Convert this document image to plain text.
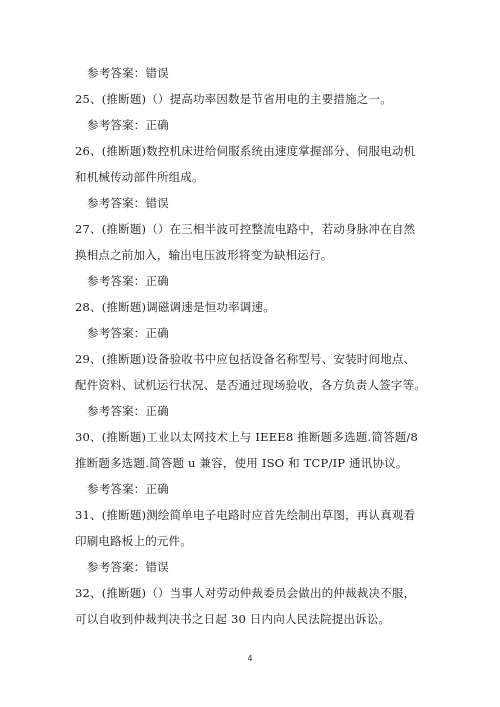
参考答案：错误
25、(推断题)（）提高功率因数是节省用电的主要措施之一。
参考答案：正确
26、(推断题)数控机床进给伺服系统由速度掌握部分、伺服电动机
和机械传动部件所组成。
参考答案：错误
27、(推断题)（）在三相半波可控整流电路中，若动身脉冲在自然
换相点之前加入，输出电压波形将变为缺相运行。
参考答案：正确
28、(推断题)调磁调速是恒功率调速。
参考答案：正确
29、(推断题)设备验收书中应包括设备名称型号、安装时间地点、
配件资料、试机运行状况、是否通过现场验收，各方负责人签字等。
参考答案：正确
30、(推断题)工业以太网技术上与 IEEE8 推断题多选题.简答题/8
推断题多选题.简答题 u 兼容，使用 ISO 和 TCP/IP 通讯协议。
参考答案：正确
31、(推断题)测绘简单电子电路时应首先绘制出草图，再认真观看
印刷电路板上的元件。
参考答案：错误
32、(推断题)（）当事人对劳动仲裁委员会做出的仲裁裁决不服，
可以自收到仲裁判决书之日起 30 日内向人民法院提出诉讼。
4
